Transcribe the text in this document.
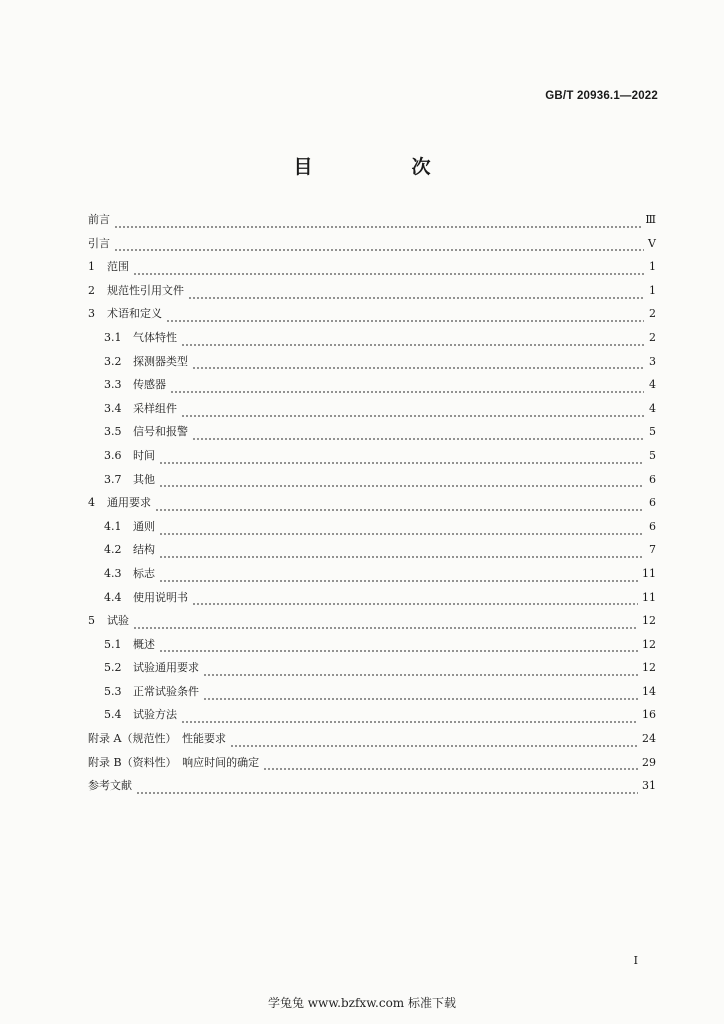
GB/T 20936.1—2022
目　次
前言	Ⅲ
引言	V
1	范围	1
2	规范性引用文件	1
3	术语和定义	2
3.1 气体特性	2
3.2 探测器类型	3
3.3 传感器	4
3.4 采样组件	4
3.5 信号和报警	5
3.6 时间	5
3.7 其他	6
4	通用要求	6
4.1 通则	6
4.2 结构	7
4.3 标志	11
4.4 使用说明书	11
5	试验	12
5.1 概述	12
5.2 试验通用要求	12
5.3 正常试验条件	14
5.4 试验方法	16
附录 A（规范性）　性能要求	24
附录 B（资料性）　响应时间的确定	29
参考文献	31
I
学兔兔 www.bzfxw.com 标准下载
